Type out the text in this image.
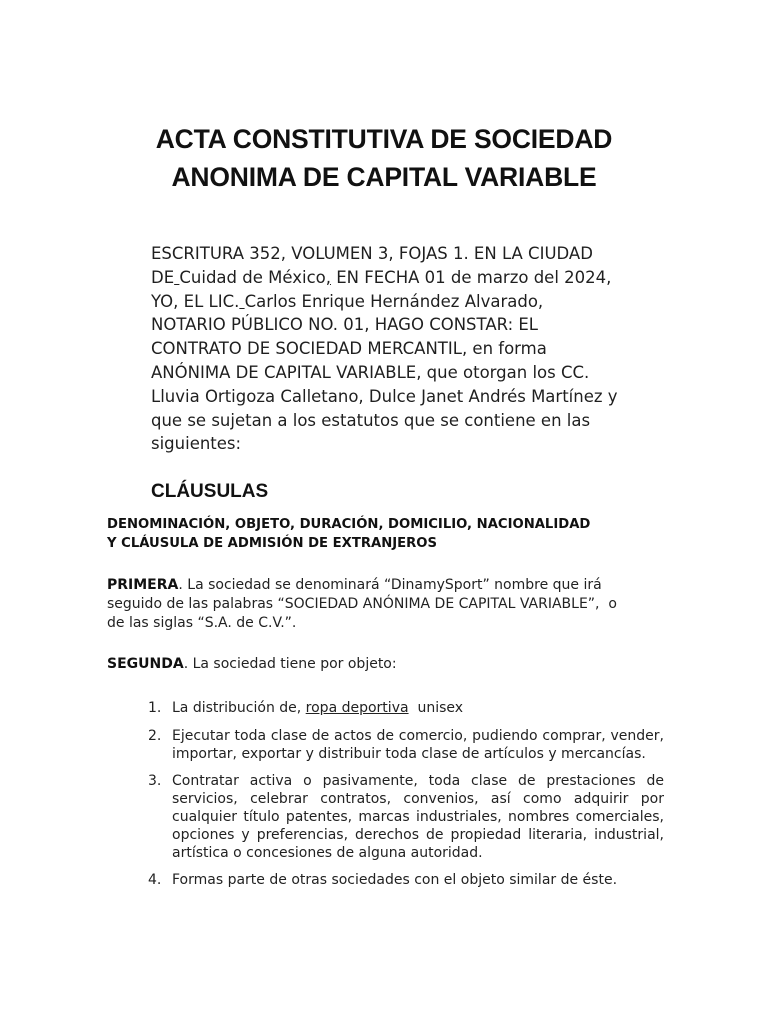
ACTA CONSTITUTIVA DE SOCIEDAD
ANONIMA DE CAPITAL VARIABLE
ESCRITURA 352, VOLUMEN 3, FOJAS 1. EN LA CIUDAD
DE Cuidad de México, EN FECHA 01 de marzo del 2024,
YO, EL LIC. Carlos Enrique Hernández Alvarado,
NOTARIO PÚBLICO NO. 01, HAGO CONSTAR: EL
CONTRATO DE SOCIEDAD MERCANTIL, en forma
ANÓNIMA DE CAPITAL VARIABLE, que otorgan los CC.
Lluvia Ortigoza Calletano, Dulce Janet Andrés Martínez y
que se sujetan a los estatutos que se contiene en las
siguientes:
CLÁUSULAS
DENOMINACIÓN, OBJETO, DURACIÓN, DOMICILIO, NACIONALIDAD
Y CLÁUSULA DE ADMISIÓN DE EXTRANJEROS
PRIMERA. La sociedad se denominará “DinamySport” nombre que irá
seguido de las palabras “SOCIEDAD ANÓNIMA DE CAPITAL VARIABLE”,  o
de las siglas “S.A. de C.V.”.
SEGUNDA. La sociedad tiene por objeto:
1. La distribución de, ropa deportiva  unisex
2. Ejecutar toda clase de actos de comercio, pudiendo comprar, vender, importar, exportar y distribuir toda clase de artículos y mercancías.
3. Contratar activa o pasivamente, toda clase de prestaciones de servicios, celebrar contratos, convenios, así como adquirir por cualquier título patentes, marcas industriales, nombres comerciales, opciones y preferencias, derechos de propiedad literaria, industrial, artística o concesiones de alguna autoridad.
4. Formas parte de otras sociedades con el objeto similar de éste.
